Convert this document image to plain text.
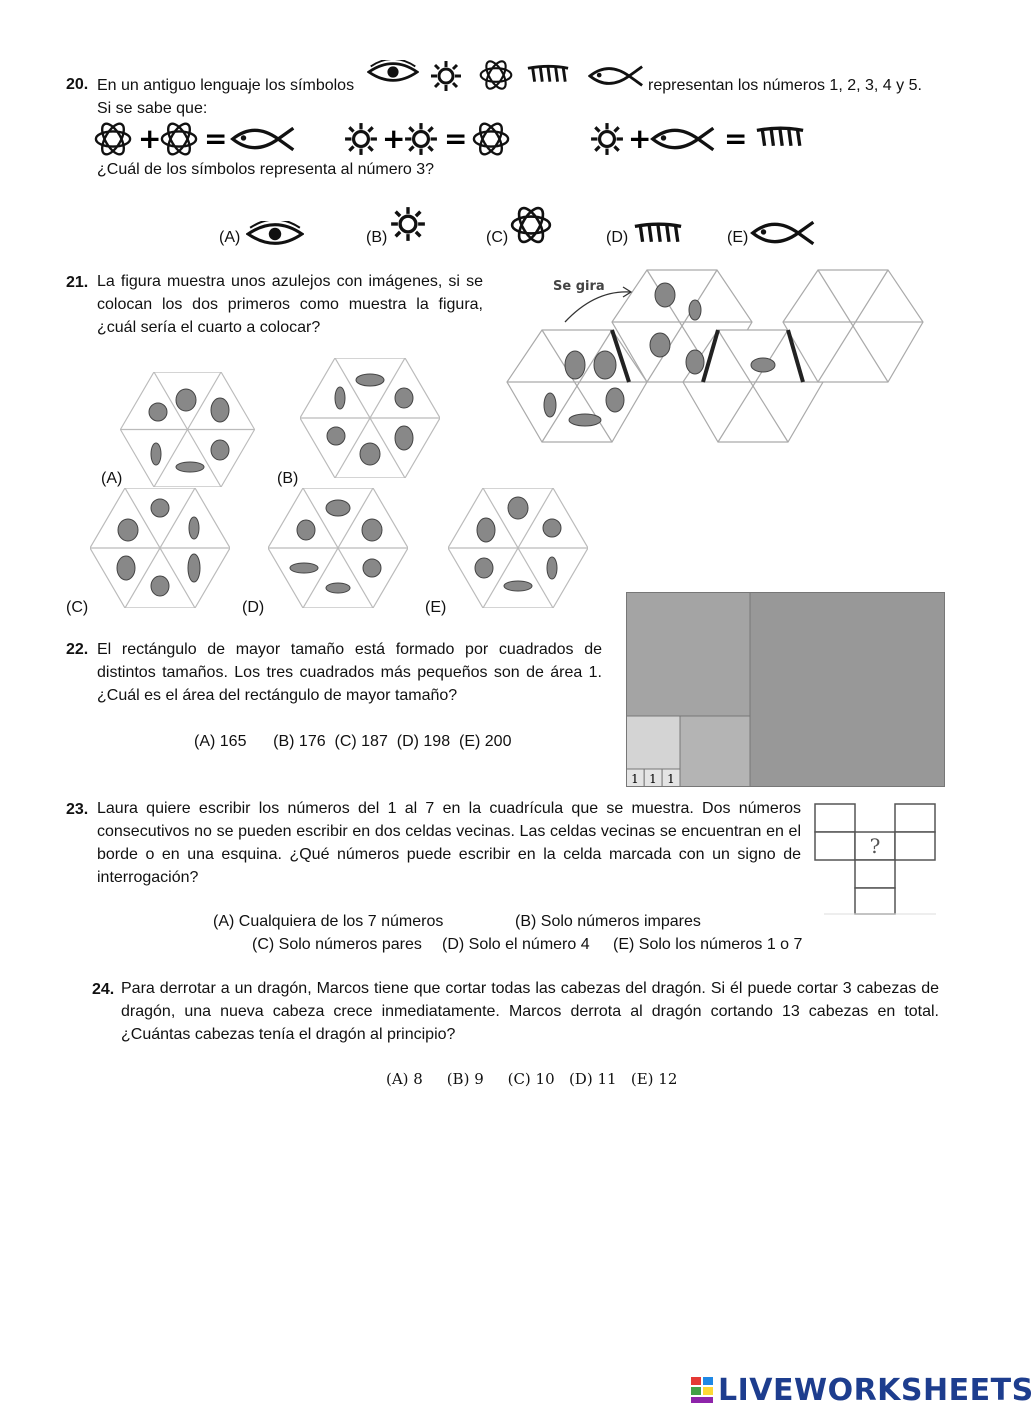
20. En un antiguo lenguaje los símbolos	representan los números 1, 2, 3, 4 y 5.
Si se sabe que:
+ =	+ =	+	=
¿Cuál de los símbolos representa al número 3?
(A)	(B)	(C)	(D)	(E)
21. La figura muestra unos azulejos con imágenes, si se colocan los dos primeros como muestra la figura, ¿cuál sería el cuarto a colocar?
Se gira
(A)	(B)
(C)	(D)	(E)
22. El rectángulo de mayor tamaño está formado por cuadrados de distintos tamaños. Los tres cuadrados más pequeños son de área 1. ¿Cuál es el área del rectángulo de mayor tamaño?
(A) 165 (B) 176 (C) 187 (D) 198 (E) 200
1 1 1
23. Laura quiere escribir los números del 1 al 7 en la cuadrícula que se muestra. Dos números consecutivos no se pueden escribir en dos celdas vecinas. Las celdas vecinas se encuentran en el borde o en una esquina. ¿Qué números puede escribir en la celda marcada con un signo de interrogación?
?
(A) Cualquiera de los 7 números	(B) Solo números impares
(C) Solo números pares (D) Solo el número 4 (E) Solo los números 1 o 7
24. Para derrotar a un dragón, Marcos tiene que cortar todas las cabezas del dragón. Si él puede cortar 3 cabezas de dragón, una nueva cabeza crece inmediatamente. Marcos derrota al dragón cortando 13 cabezas en total. ¿Cuántas cabezas tenía el dragón al principio?
(A) 8 (B) 9 (C) 10 (D) 11 (E) 12
LIVEWORKSHEETS
